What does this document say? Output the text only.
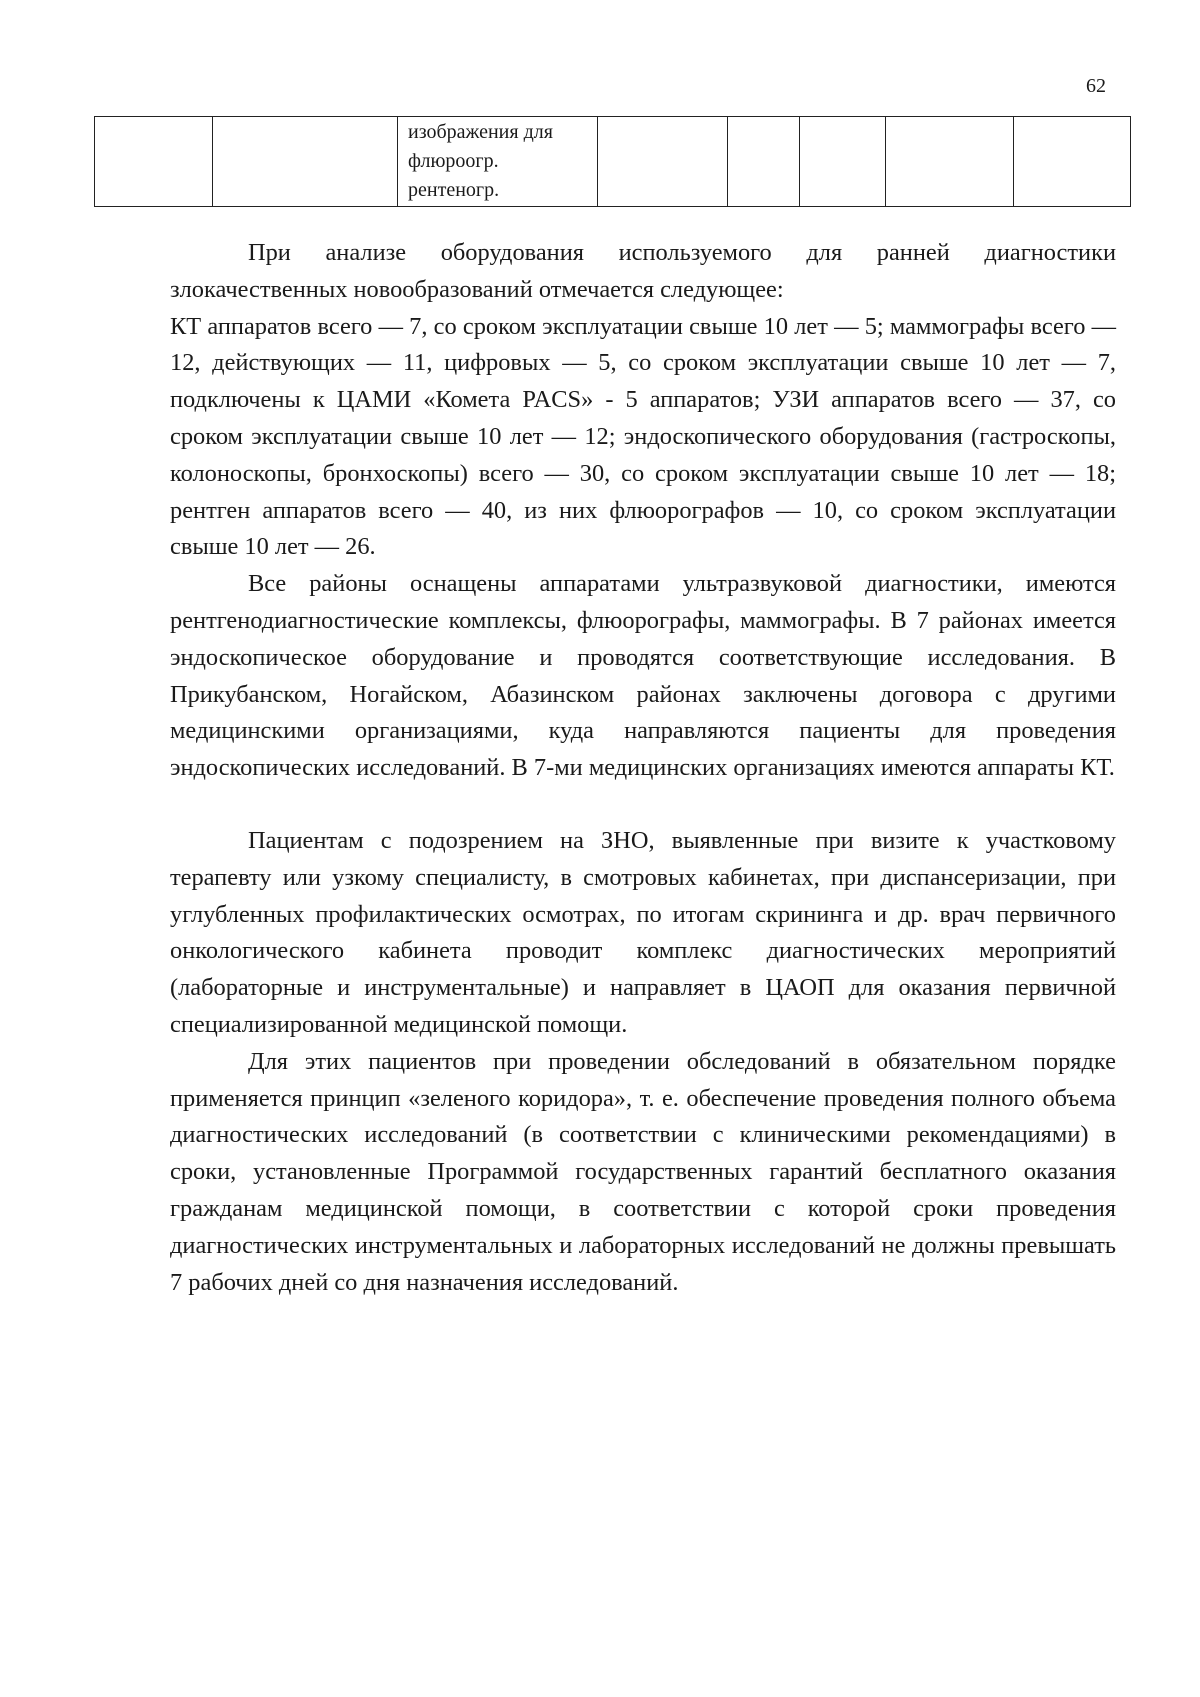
62

изображения для
флюроогр.
рентеногр.

При анализе оборудования используемого для ранней диагностики злокачественных новообразований отмечается следующее:

КТ аппаратов всего — 7, со сроком эксплуатации свыше 10 лет — 5; маммографы всего — 12, действующих — 11, цифровых — 5, со сроком эксплуатации свыше 10 лет — 7, подключены к ЦАМИ «Комета PACS» - 5 аппаратов; УЗИ аппаратов всего — 37, со сроком эксплуатации свыше 10 лет — 12; эндоскопического оборудования (гастроскопы, колоноскопы, бронхоскопы) всего — 30, со сроком эксплуатации свыше 10 лет — 18; рентген аппаратов всего — 40, из них флюорографов — 10, со сроком эксплуатации свыше 10 лет — 26.

Все районы оснащены аппаратами ультразвуковой диагностики, имеются рентгенодиагностические комплексы, флюорографы, маммографы. В 7 районах имеется эндоскопическое оборудование и проводятся соответствующие исследования. В Прикубанском, Ногайском, Абазинском районах заключены договора с другими медицинскими организациями, куда направляются пациенты для проведения эндоскопических исследований. В 7-ми медицинских организациях имеются аппараты КТ.

Пациентам с подозрением на ЗНО, выявленные при визите к участковому терапевту или узкому специалисту, в смотровых кабинетах, при диспансеризации, при углубленных профилактических осмотрах, по итогам скрининга и др. врач первичного онкологического кабинета проводит комплекс диагностических мероприятий (лабораторные и инструментальные) и направляет в ЦАОП для оказания первичной специализированной медицинской помощи.

Для этих пациентов при проведении обследований в обязательном порядке применяется принцип «зеленого коридора», т. е. обеспечение проведения полного объема диагностических исследований (в соответствии с клиническими рекомендациями) в сроки, установленные Программой государственных гарантий бесплатного оказания гражданам медицинской помощи, в соответствии с которой сроки проведения диагностических инструментальных и лабораторных исследований не должны превышать 7 рабочих дней со дня назначения исследований.
